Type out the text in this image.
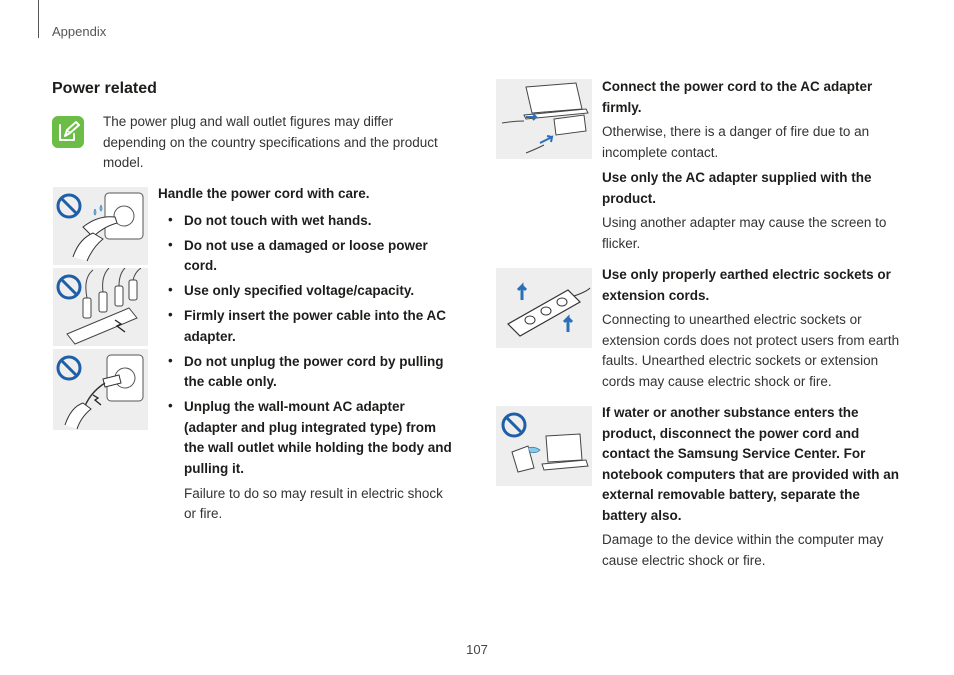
Appendix
Power related
The power plug and wall outlet figures may differ depending on the country specifications and the product model.
Handle the power cord with care.
• Do not touch with wet hands.
• Do not use a damaged or loose power cord.
• Use only specified voltage/capacity.
• Firmly insert the power cable into the AC adapter.
• Do not unplug the power cord by pulling the cable only.
• Unplug the wall-mount AC adapter (adapter and plug integrated type) from the wall outlet while holding the body and pulling it.
Failure to do so may result in electric shock or fire.
Connect the power cord to the AC adapter firmly.
Otherwise, there is a danger of fire due to an incomplete contact.
Use only the AC adapter supplied with the product.
Using another adapter may cause the screen to flicker.
Use only properly earthed electric sockets or extension cords.
Connecting to unearthed electric sockets or extension cords does not protect users from earth faults. Unearthed electric sockets or extension cords may cause electric shock or fire.
If water or another substance enters the product, disconnect the power cord and contact the Samsung Service Center. For notebook computers that are provided with an external removable battery, separate the battery also.
Damage to the device within the computer may cause electric shock or fire.
107
